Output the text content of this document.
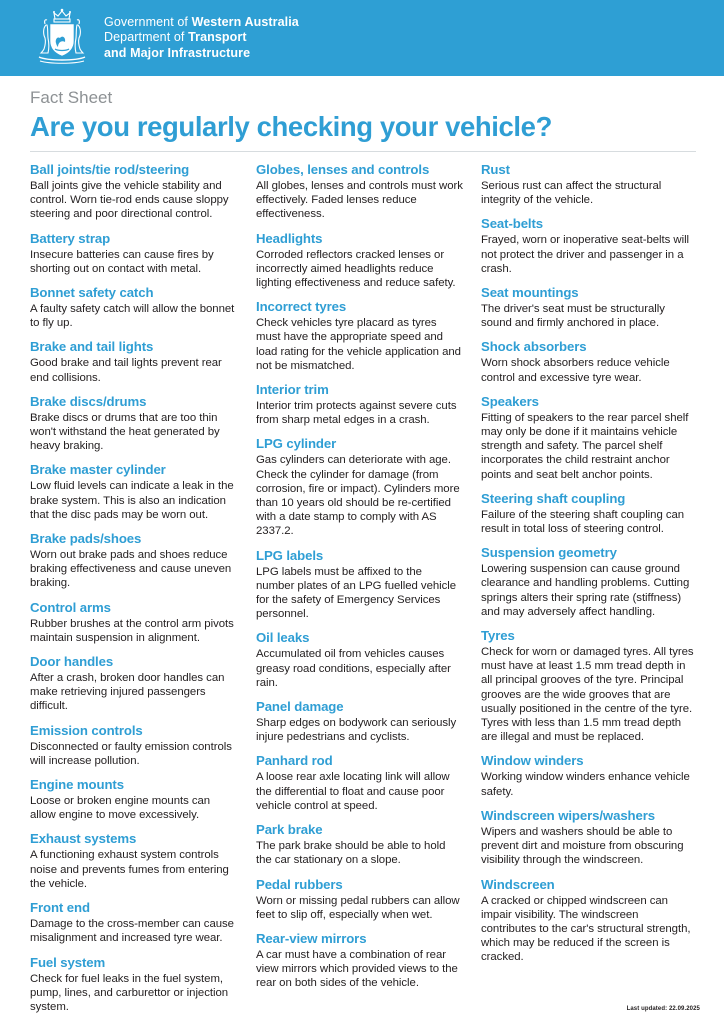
Government of Western Australia
Department of Transport
and Major Infrastructure
Fact Sheet
Are you regularly checking your vehicle?
Ball joints/tie rod/steering
Ball joints give the vehicle stability and control. Worn tie-rod ends cause sloppy steering and poor directional control.
Battery strap
Insecure batteries can cause fires by shorting out on contact with metal.
Bonnet safety catch
A faulty safety catch will allow the bonnet to fly up.
Brake and tail lights
Good brake and tail lights prevent rear end collisions.
Brake discs/drums
Brake discs or drums that are too thin won't withstand the heat generated by heavy braking.
Brake master cylinder
Low fluid levels can indicate a leak in the brake system. This is also an indication that the disc pads may be worn out.
Brake pads/shoes
Worn out brake pads and shoes reduce braking effectiveness and cause uneven braking.
Control arms
Rubber brushes at the control arm pivots maintain suspension in alignment.
Door handles
After a crash, broken door handles can make retrieving injured passengers difficult.
Emission controls
Disconnected or faulty emission controls will increase pollution.
Engine mounts
Loose or broken engine mounts can allow engine to move excessively.
Exhaust systems
A functioning exhaust system controls noise and prevents fumes from entering the vehicle.
Front end
Damage to the cross-member can cause misalignment and increased tyre wear.
Fuel system
Check for fuel leaks in the fuel system, pump, lines, and carburettor or injection system.
Globes, lenses and controls
All globes, lenses and controls must work effectively. Faded lenses reduce effectiveness.
Headlights
Corroded reflectors cracked lenses or incorrectly aimed headlights reduce lighting effectiveness and reduce safety.
Incorrect tyres
Check vehicles tyre placard as tyres must have the appropriate speed and load rating for the vehicle application and not be mismatched.
Interior trim
Interior trim protects against severe cuts from sharp metal edges in a crash.
LPG cylinder
Gas cylinders can deteriorate with age. Check the cylinder for damage (from corrosion, fire or impact). Cylinders more than 10 years old should be re-certified with a date stamp to comply with AS 2337.2.
LPG labels
LPG labels must be affixed to the number plates of an LPG fuelled vehicle for the safety of Emergency Services personnel.
Oil leaks
Accumulated oil from vehicles causes greasy road conditions, especially after rain.
Panel damage
Sharp edges on bodywork can seriously injure pedestrians and cyclists.
Panhard rod
A loose rear axle locating link will allow the differential to float and cause poor vehicle control at speed.
Park brake
The park brake should be able to hold the car stationary on a slope.
Pedal rubbers
Worn or missing pedal rubbers can allow feet to slip off, especially when wet.
Rear-view mirrors
A car must have a combination of rear view mirrors which provided views to the rear on both sides of the vehicle.
Rust
Serious rust can affect the structural integrity of the vehicle.
Seat-belts
Frayed, worn or inoperative seat-belts will not protect the driver and passenger in a crash.
Seat mountings
The driver's seat must be structurally sound and firmly anchored in place.
Shock absorbers
Worn shock absorbers reduce vehicle control and excessive tyre wear.
Speakers
Fitting of speakers to the rear parcel shelf may only be done if it maintains vehicle strength and safety. The parcel shelf incorporates the child restraint anchor points and seat belt anchor points.
Steering shaft coupling
Failure of the steering shaft coupling can result in total loss of steering control.
Suspension geometry
Lowering suspension can cause ground clearance and handling problems. Cutting springs alters their spring rate (stiffness) and may adversely affect handling.
Tyres
Check for worn or damaged tyres. All tyres must have at least 1.5 mm tread depth in all principal grooves of the tyre. Principal grooves are the wide grooves that are usually positioned in the centre of the tyre. Tyres with less than 1.5 mm tread depth are illegal and must be replaced.
Window winders
Working window winders enhance vehicle safety.
Windscreen wipers/washers
Wipers and washers should be able to prevent dirt and moisture from obscuring visibility through the windscreen.
Windscreen
A cracked or chipped windscreen can impair visibility. The windscreen contributes to the car's structural strength, which may be reduced if the screen is cracked.
Last updated: 22.09.2025
